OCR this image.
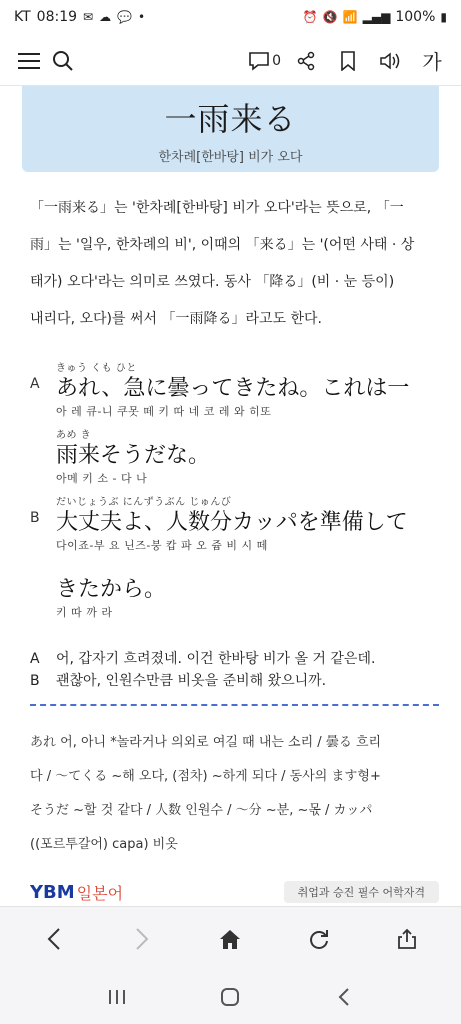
KT 08:19 ✉ ☁ 💬 •	⏰ 🔇 📶 ▂▄▆ 100% ▮
0	가
一雨来る
한차례[한바탕] 비가 오다

「一雨来る」는 '한차례[한바탕] 비가 오다'라는 뜻으로, 「一

雨」는 '일우, 한차례의 비', 이때의 「来る」는 '(어떤 사태 · 상

태가) 오다'라는 의미로 쓰였다. 동사 「降る」(비 · 눈 등이)

내리다, 오다)를 써서 「一雨降る」라고도 한다.

A
きゅう くも ひと
あれ、急に曇ってきたね。これは一
아 레 큐-니 쿠못 떼 키 따 네 코 레 와 히또
あめ き
雨来そうだな。
아메 키 소 - 다 나
B
だいじょうぶ にんずうぶん じゅんび
大丈夫よ、人数分カッパを準備して
다이죠-부 요 닌즈-붕 캅 파 오 쥼 비 시 떼
きたから。
키 따 까 라
A	어, 갑자기 흐려졌네. 이건 한바탕 비가 올 거 같은데.
B	괜찮아, 인원수만큼 비옷을 준비해 왔으니까.

あれ 어, 아니 *놀라거나 의외로 여길 때 내는 소리 / 曇る 흐리

다 / 〜てくる ~해 오다, (점차) ~하게 되다 / 동사의 ます형+

そうだ ~할 것 같다 / 人数 인원수 / 〜分 ~분, ~몫 / カッパ

((포르투갈어) capa) 비옷

YBM 일본어	취업과 승진 필수 어학자격
